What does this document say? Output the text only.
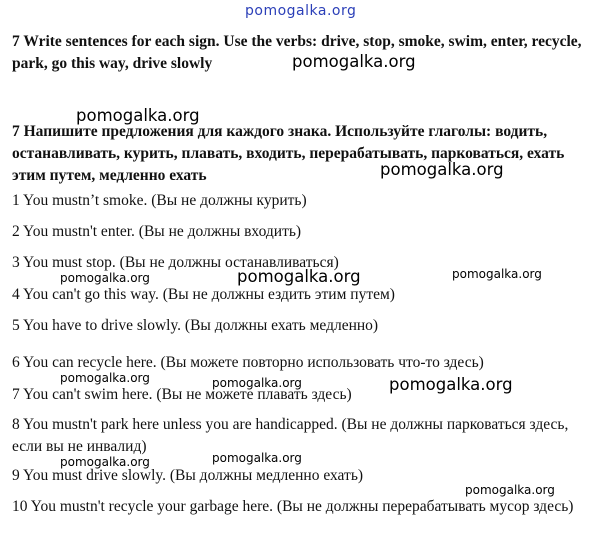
pomogalka.org
7 Write sentences for each sign. Use the verbs: drive, stop, smoke, swim, enter, recycle, park, go this way, drive slowly
7 Напишите предложения для каждого знака. Используйте глаголы: водить, останавливать, курить, плавать, входить, перерабатывать, парковаться, ехать этим путем, медленно ехать
1 You mustn’t smoke. (Вы не должны курить)
2 You mustn't enter. (Вы не должны входить)
3 You must stop. (Вы не должны останавливаться)
4 You can't go this way. (Вы не должны ездить этим путем)
5 You have to drive slowly. (Вы должны ехать медленно)
6 You can recycle here. (Вы можете повторно использовать что-то здесь)
7 You can't swim here. (Вы не можете плавать здесь)
8 You mustn't park here unless you are handicapped. (Вы не должны парковаться здесь, если вы не инвалид)
9 You must drive slowly. (Вы должны медленно ехать)
10 You mustn't recycle your garbage here. (Вы не должны перерабатывать мусор здесь)
pomogalka.org
pomogalka.org
pomogalka.org
pomogalka.org	pomogalka.org	pomogalka.org
pomogalka.org	pomogalka.org	pomogalka.org
pomogalka.org	pomogalka.org
pomogalka.org
